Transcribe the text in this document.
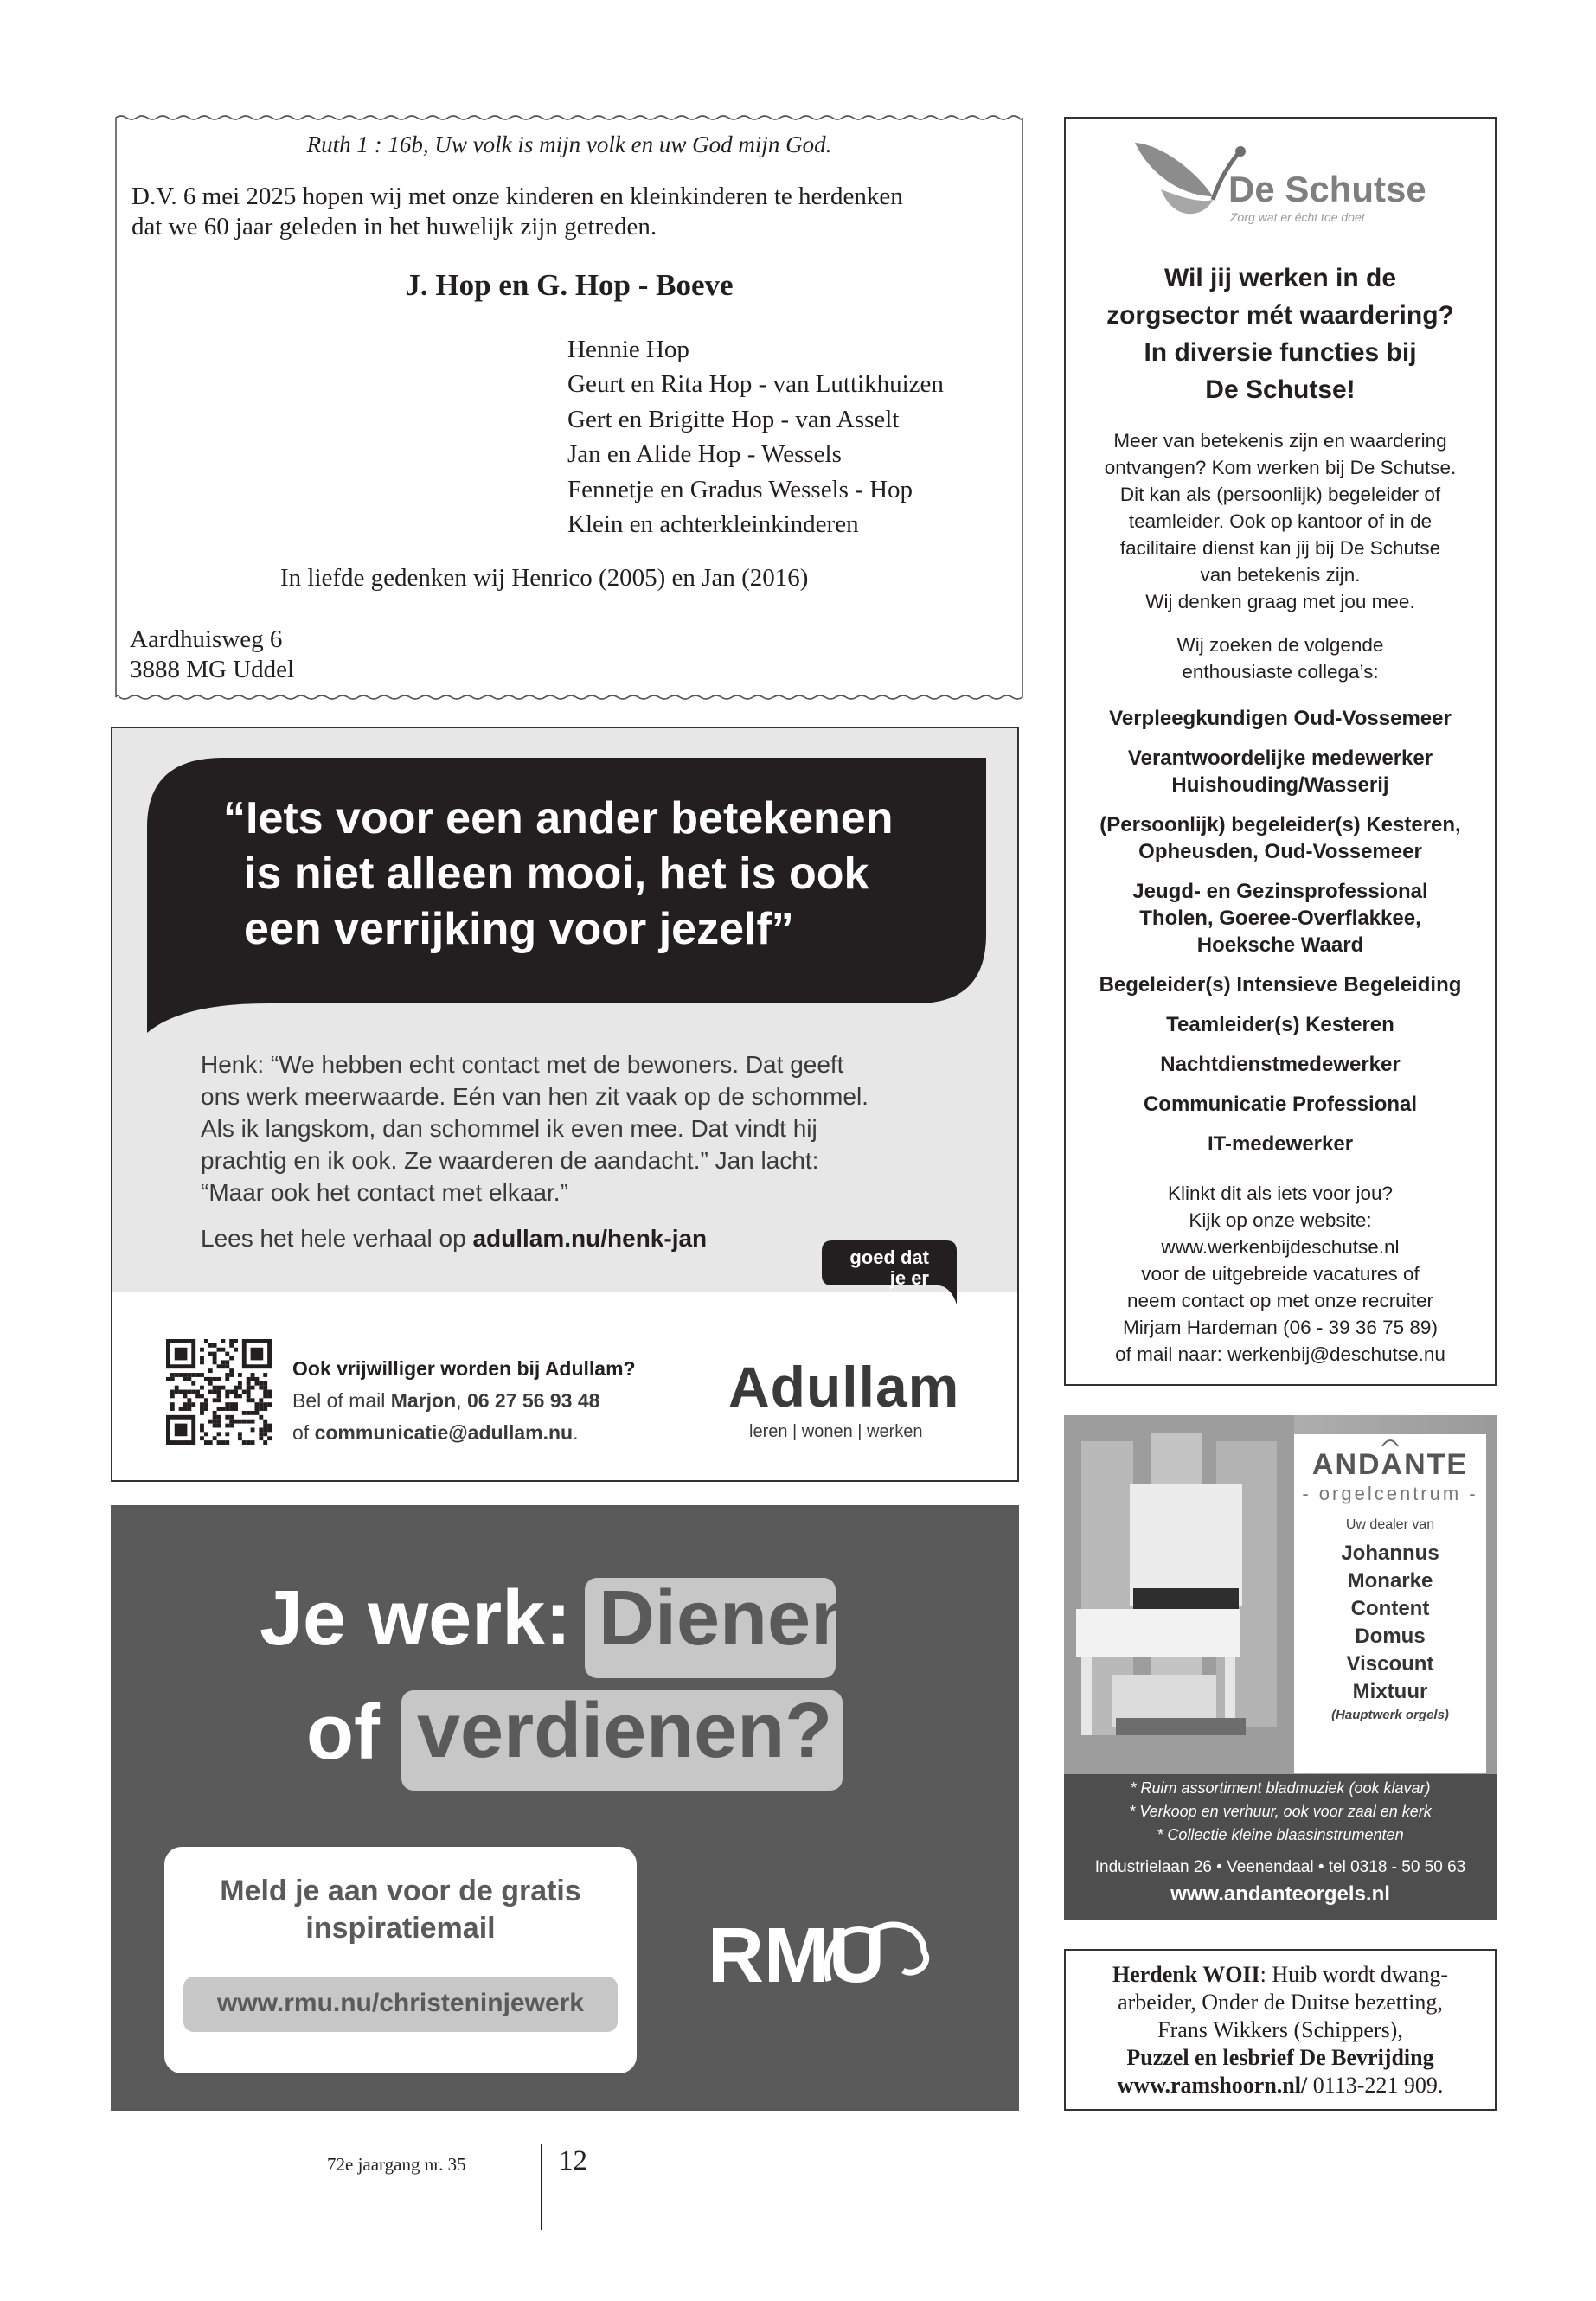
Ruth 1 : 16b, Uw volk is mijn volk en uw God mijn God.
D.V. 6 mei 2025 hopen wij met onze kinderen en kleinkinderen te herdenken
dat we 60 jaar geleden in het huwelijk zijn getreden.
J. Hop en G. Hop - Boeve
Hennie Hop
Geurt en Rita Hop - van Luttikhuizen
Gert en Brigitte Hop - van Asselt
Jan en Alide Hop - Wessels
Fennetje en Gradus Wessels - Hop
Klein en achterkleinkinderen
In liefde gedenken wij Henrico (2005) en Jan (2016)
Aardhuisweg 6
3888 MG Uddel
De Schutse
Zorg wat er écht toe doet
Wil jij werken in de
zorgsector mét waardering?
In diversie functies bij
De Schutse!
Meer van betekenis zijn en waardering
ontvangen? Kom werken bij De Schutse.
Dit kan als (persoonlijk) begeleider of
teamleider. Ook op kantoor of in de
facilitaire dienst kan jij bij De Schutse
van betekenis zijn.
Wij denken graag met jou mee.
Wij zoeken de volgende
enthousiaste collega’s:
Verpleegkundigen Oud-Vossemeer
Verantwoordelijke medewerker
Huishouding/Wasserij
(Persoonlijk) begeleider(s) Kesteren,
Opheusden, Oud-Vossemeer
Jeugd- en Gezinsprofessional
Tholen, Goeree-Overflakkee,
Hoeksche Waard
Begeleider(s) Intensieve Begeleiding
Teamleider(s) Kesteren
Nachtdienstmedewerker
Communicatie Professional
IT-medewerker
Klinkt dit als iets voor jou?
Kijk op onze website:
www.werkenbijdeschutse.nl
voor de uitgebreide vacatures of
neem contact op met onze recruiter
Mirjam Hardeman (06 - 39 36 75 89)
of mail naar: werkenbij@deschutse.nu
“Iets voor een ander betekenen
is niet alleen mooi, het is ook
een verrijking voor jezelf”
Henk: “We hebben echt contact met de bewoners. Dat geeft
ons werk meerwaarde. Eén van hen zit vaak op de schommel.
Als ik langskom, dan schommel ik even mee. Dat vindt hij
prachtig en ik ook. Ze waarderen de aandacht.” Jan lacht:
“Maar ook het contact met elkaar.”
Lees het hele verhaal op adullam.nu/henk-jan
goed dat
je er bent
Ook vrijwilliger worden bij Adullam?
Bel of mail Marjon, 06 27 56 93 48
of communicatie@adullam.nu.
Adullam
leren | wonen | werken
Je werk: Dienen
of verdienen?
Meld je aan voor de gratis
inspiratiemail
www.rmu.nu/christeninjewerk
RMU
ANDANTE
- orgelcentrum -
Uw dealer van
Johannus
Monarke
Content
Domus
Viscount
Mixtuur
(Hauptwerk orgels)
* Ruim assortiment bladmuziek (ook klavar)
* Verkoop en verhuur, ook voor zaal en kerk
* Collectie kleine blaasinstrumenten
Industrielaan 26 • Veenendaal • tel 0318 - 50 50 63
www.andanteorgels.nl
Herdenk WOII: Huib wordt dwang-
arbeider, Onder de Duitse bezetting,
Frans Wikkers (Schippers),
Puzzel en lesbrief De Bevrijding
www.ramshoorn.nl/ 0113-221 909.
72e jaargang nr. 35	12
